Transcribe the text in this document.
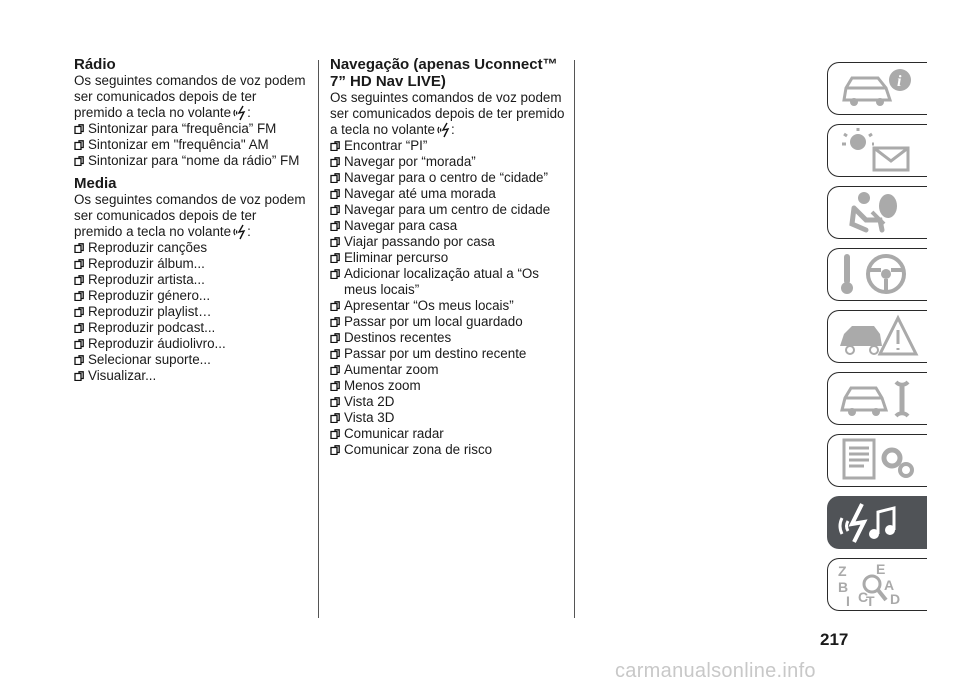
Rádio

Os seguintes comandos de voz podem ser comunicados depois de ter premido a tecla no volante :

Sintonizar para “frequência” FM
Sintonizar em "frequência" AM
Sintonizar para “nome da rádio” FM
Media

Os seguintes comandos de voz podem ser comunicados depois de ter premido a tecla no volante :

Reproduzir canções
Reproduzir álbum...
Reproduzir artista...
Reproduzir género...
Reproduzir playlist…
Reproduzir podcast...
Reproduzir áudiolivro...
Selecionar suporte...
Visualizar...
Navegação (apenas Uconnect™ 7” HD Nav LIVE)

Os seguintes comandos de voz podem ser comunicados depois de ter premido a tecla no volante :

Encontrar “PI”
Navegar por “morada”
Navegar para o centro de “cidade”
Navegar até uma morada
Navegar para um centro de cidade
Navegar para casa
Viajar passando por casa
Eliminar percurso
Adicionar localização atual a “Os meus locais”
Apresentar “Os meus locais”
Passar por um local guardado
Destinos recentes
Passar por um destino recente
Aumentar zoom
Menos zoom
Vista 2D
Vista 3D
Comunicar radar
Comunicar zona de risco
i
Z E
B	A
I C D
T
217
carmanualsonline.info
